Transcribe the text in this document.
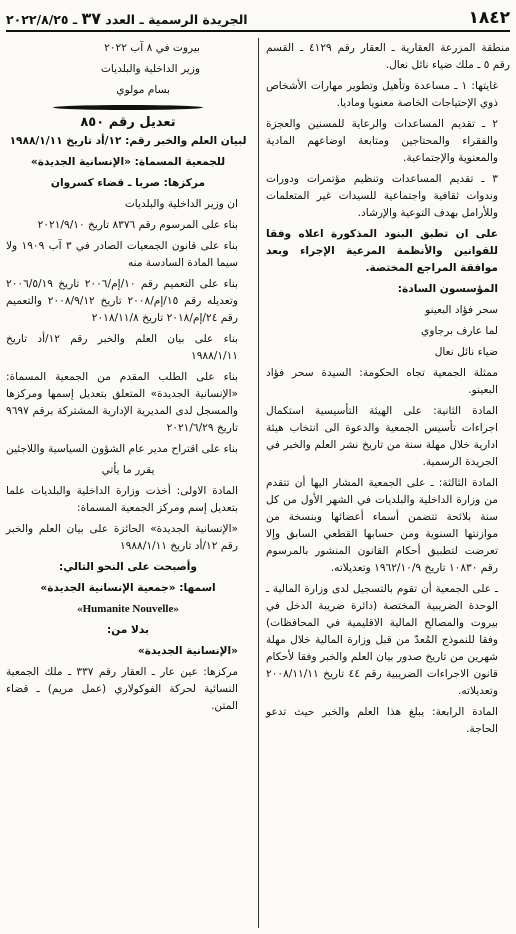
١٨٤٢
الجريدة الرسمية ـ العدد ٣٧ ـ ٢٠٢٢/٨/٢٥

منطقة المزرعة العقارية ـ العقار رقم ٤١٢٩ ـ القسم رقم ٥ ـ ملك ضياء نائل نعال.

غايتها: ١ ـ مساعدة وتأهيل وتطوير مهارات الأشخاص ذوي الإحتياجات الخاصة معنويا وماديا.

٢ ـ تقديم المساعدات والرعاية للمسنين والعجزة والفقراء والمحتاجين ومتابعة اوضاعهم المادية والمعنوية والإجتماعية.

٣ ـ تقديم المساعدات وتنظيم مؤتمرات ودورات وندوات ثقافية واجتماعية للسيدات غير المتعلمات وللأرامل بهدف التوعية والإرشاد.

على ان تطبق البنود المذكورة اعلاه وفقا للقوانين والأنظمة المرعية الإجراء وبعد موافقة المراجع المختصة.

المؤسسون السادة:

سحر فؤاد البعينو

لما عارف برجاوي

ضياء نائل نعال

ممثلة الجمعية تجاه الحكومة: السيدة سحر فؤاد البعينو.

المادة الثانية: على الهيئة التأسيسية استكمال اجراءات تأسيس الجمعية والدعوة الى انتخاب هيئة ادارية خلال مهلة سنة من تاريخ نشر العلم والخبر في الجريدة الرسمية.

المادة الثالثة: ـ على الجمعية المشار اليها أن تتقدم من وزارة الداخلية والبلديات في الشهر الأول من كل سنة بلائحة تتضمن أسماء أعضائها وبنسخة من موازنتها السنوية ومن حسابها القطعي السابق وإلا تعرضت لتطبيق أحكام القانون المنشور بالمرسوم رقم ١٠٨٣٠ تاريخ ١٩٦٢/١٠/٩ وتعديلاته.

ـ على الجمعية أن تقوم بالتسجيل لدى وزارة المالية ـ الوحدة الضريبية المختصة (دائرة ضريبة الدخل في بيروت والمصالح المالية الاقليمية في المحافظات) وفقا للنموذج المُعدّ من قبل وزارة المالية خلال مهلة شهرين من تاريخ صدور بيان العلم والخبر وفقا لأحكام قانون الاجراءات الضريبية رقم ٤٤ تاريخ ٢٠٠٨/١١/١١ وتعديلاته.

المادة الرابعة: يبلغ هذا العلم والخبر حيث تدعو الحاجة.

بيروت في ٨ آب ٢٠٢٢

وزير الداخلية والبلديات

بسام مولوي

تعديل رقم ٨٥٠

لبيان العلم والخبر رقم: ١٢/أد تاريخ ١٩٨٨/١/١١

للجمعية المسماة: «الإنسانية الجديدة»

مركزها: صربا ـ قضاء كسروان

ان وزير الداخلية والبلديات

بناء على المرسوم رقم ٨٣٧٦ تاريخ ٢٠٢١/٩/١٠

بناء على قانون الجمعيات الصادر في ٣ آب ١٩٠٩ ولا سيما المادة السادسة منه

بناء على التعميم رقم ١٠/إم/٢٠٠٦ تاريخ ٢٠٠٦/٥/١٩ وتعديله رقم ١٥/إم/٢٠٠٨ تاريخ ٢٠٠٨/٩/١٢ والتعميم رقم ٢٤/إم/٢٠١٨ تاريخ ٢٠١٨/١١/٨

بناء على بيان العلم والخبر رقم ١٢/أد تاريخ ١٩٨٨/١/١١

بناء على الطلب المقدم من الجمعية المسماة: «الإنسانية الجديدة» المتعلق بتعديل إسمها ومركزها والمسجل لدى المديرية الإدارية المشتركة برقم ٩٦٩٧ تاريخ ٢٠٢١/٦/٢٩

بناء على اقتراح مدير عام الشؤون السياسية واللاجئين

يقرر ما يأتي

المادة الاولى: أخذت وزارة الداخلية والبلديات علما بتعديل إسم ومركز الجمعية المسماة:

«الإنسانية الجديدة» الحائزة على بيان العلم والخبر رقم ١٢/أد تاريخ ١٩٨٨/١/١١

وأصبحت على النحو التالي:

اسمها: «جمعية الإنسانية الجديدة»

«Humanite Nouvelle»

بدلا من:

«الإنسانية الجديدة»

مركزها: عين عار ـ العقار رقم ٣٣٧ ـ ملك الجمعية النسائية لحركة الفوكولاري (عمل مريم) ـ قضاء المتن.
